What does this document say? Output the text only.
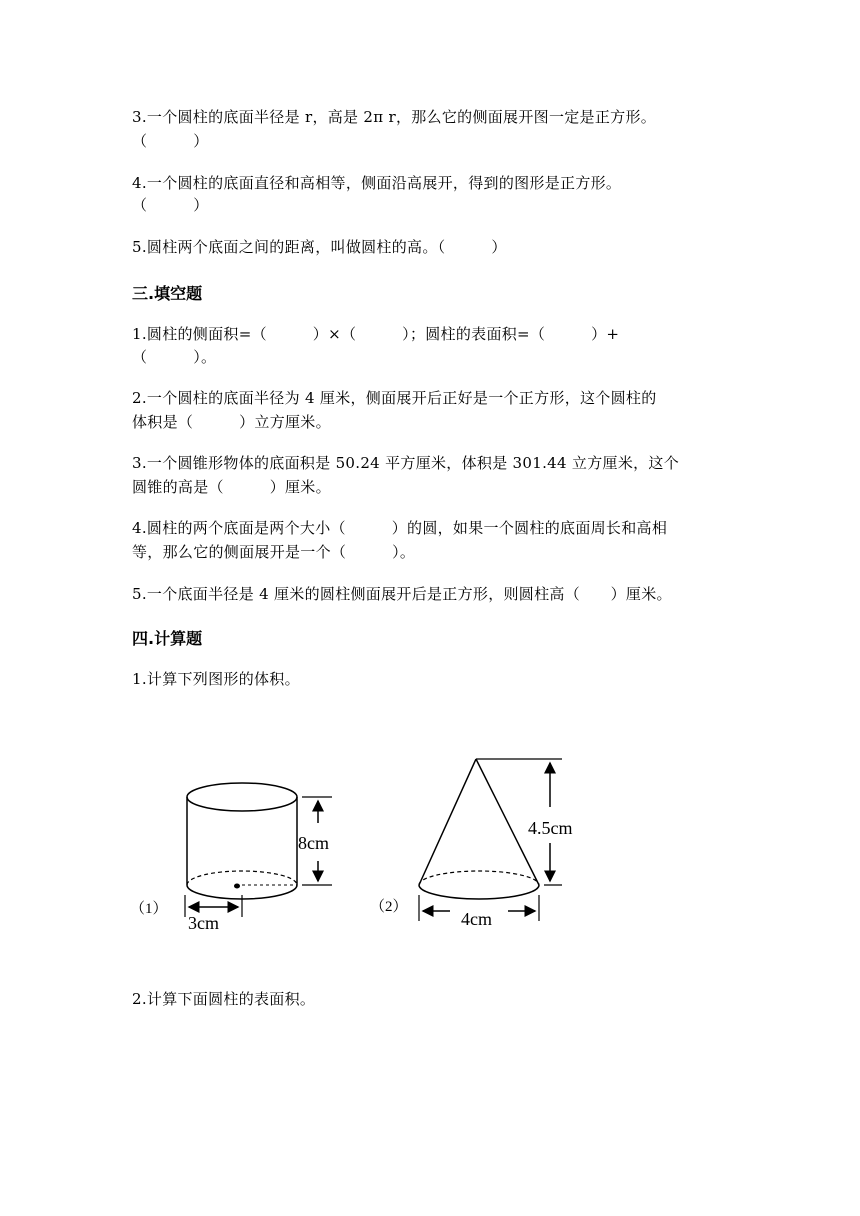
3.一个圆柱的底面半径是 r，高是 2π r，那么它的侧面展开图一定是正方形。
（　　　）
4.一个圆柱的底面直径和高相等，侧面沿高展开，得到的图形是正方形。
（　　　）
5.圆柱两个底面之间的距离，叫做圆柱的高。（　　　）
三.填空题
1.圆柱的侧面积=（　　　）×（　　　）；圆柱的表面积=（　　　）+
（　　　）。
2.一个圆柱的底面半径为 4 厘米，侧面展开后正好是一个正方形，这个圆柱的
体积是（　　　）立方厘米。
3.一个圆锥形物体的底面积是 50.24 平方厘米，体积是 301.44 立方厘米，这个
圆锥的高是（　　　）厘米。
4.圆柱的两个底面是两个大小（　　　）的圆，如果一个圆柱的底面周长和高相
等，那么它的侧面展开是一个（　　　）。
5.一个底面半径是 4 厘米的圆柱侧面展开后是正方形，则圆柱高（　　）厘米。
四.计算题
1.计算下列图形的体积。
8cm
3cm
（1）
4.5cm
4cm
（2）
2.计算下面圆柱的表面积。
